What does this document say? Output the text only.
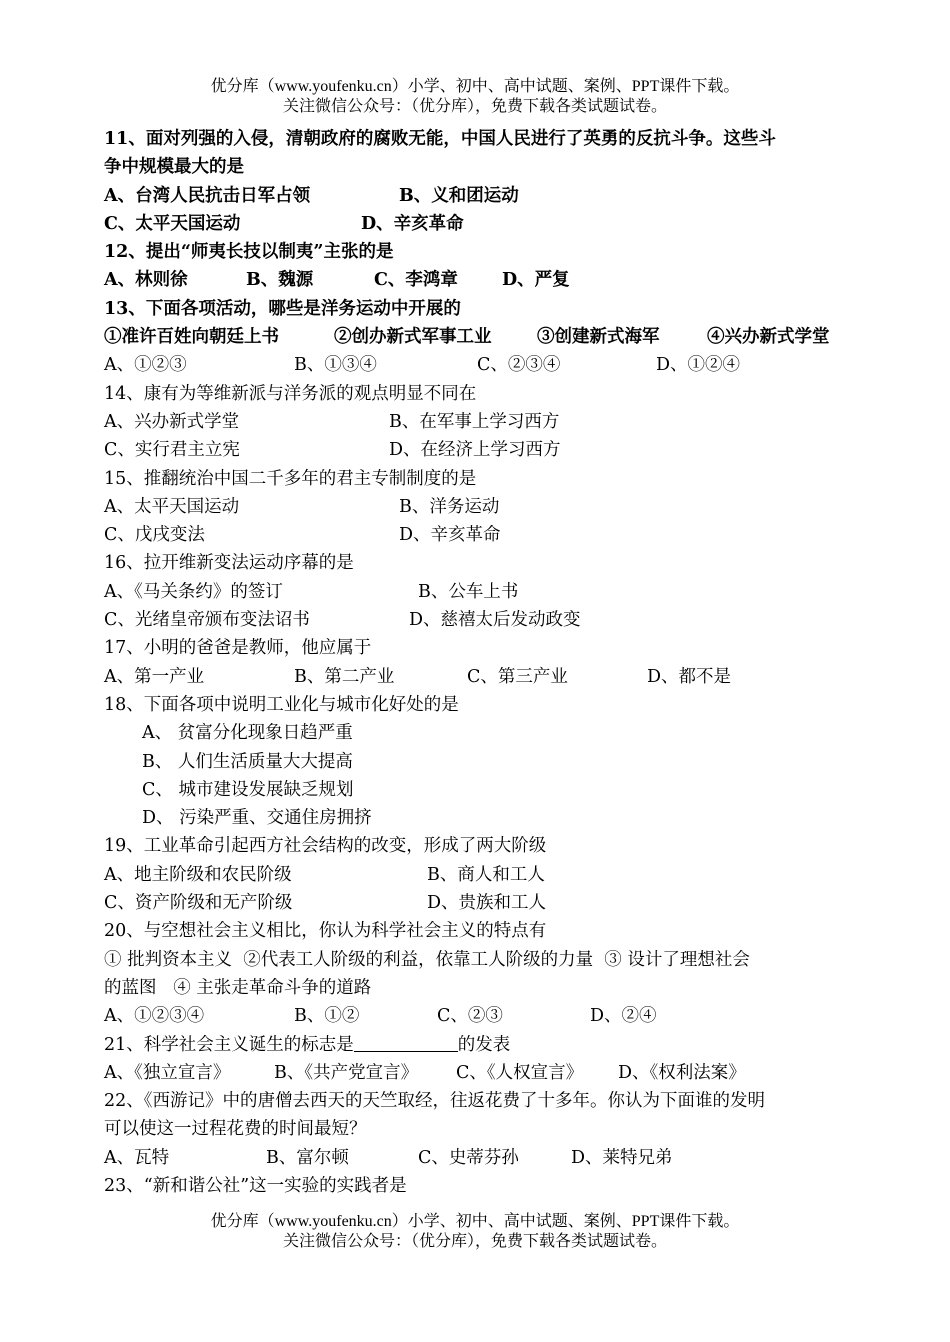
优分库（www.youfenku.cn）小学、初中、高中试题、案例、PPT课件下载。
关注微信公众号：（优分库），免费下载各类试题试卷。
11、面对列强的入侵，清朝政府的腐败无能，中国人民进行了英勇的反抗斗争。这些斗
争中规模最大的是
A、台湾人民抗击日军占领	B、义和团运动
C、太平天国运动	D、辛亥革命
12、提出“师夷长技以制夷”主张的是
A、林则徐	B、魏源	C、李鸿章	D、严复
13、下面各项活动，哪些是洋务运动中开展的
①准许百姓向朝廷上书	②创办新式军事工业	③创建新式海军	④兴办新式学堂
A、①②③	B、①③④	C、②③④	D、①②④
14、康有为等维新派与洋务派的观点明显不同在
A、兴办新式学堂	B、在军事上学习西方
C、实行君主立宪	D、在经济上学习西方
15、推翻统治中国二千多年的君主专制制度的是
A、太平天国运动	B、洋务运动
C、戊戌变法	D、辛亥革命
16、拉开维新变法运动序幕的是
A、《马关条约》的签订	B、公车上书
C、光绪皇帝颁布变法诏书	D、慈禧太后发动政变
17、小明的爸爸是教师，他应属于
A、第一产业	B、第二产业	C、第三产业	D、都不是
18、下面各项中说明工业化与城市化好处的是
A、 贫富分化现象日趋严重
B、 人们生活质量大大提高
C、 城市建设发展缺乏规划
D、 污染严重、交通住房拥挤
19、工业革命引起西方社会结构的改变，形成了两大阶级
A、地主阶级和农民阶级	B、商人和工人
C、资产阶级和无产阶级	D、贵族和工人
20、与空想社会主义相比，你认为科学社会主义的特点有
① 批判资本主义  ②代表工人阶级的利益，依靠工人阶级的力量  ③ 设计了理想社会
的蓝图   ④ 主张走革命斗争的道路
A、①②③④	B、①②	C、②③	D、②④
21、科学社会主义诞生的标志是	的发表
A、《独立宣言》 B、《共产党宣言》 C、《人权宣言》 D、《权利法案》
22、《西游记》中的唐僧去西天的天竺取经，往返花费了十多年。你认为下面谁的发明
可以使这一过程花费的时间最短？
A、瓦特	B、富尔顿	C、史蒂芬孙	D、莱特兄弟
23、“新和谐公社”这一实验的实践者是
优分库（www.youfenku.cn）小学、初中、高中试题、案例、PPT课件下载。
关注微信公众号：（优分库），免费下载各类试题试卷。
